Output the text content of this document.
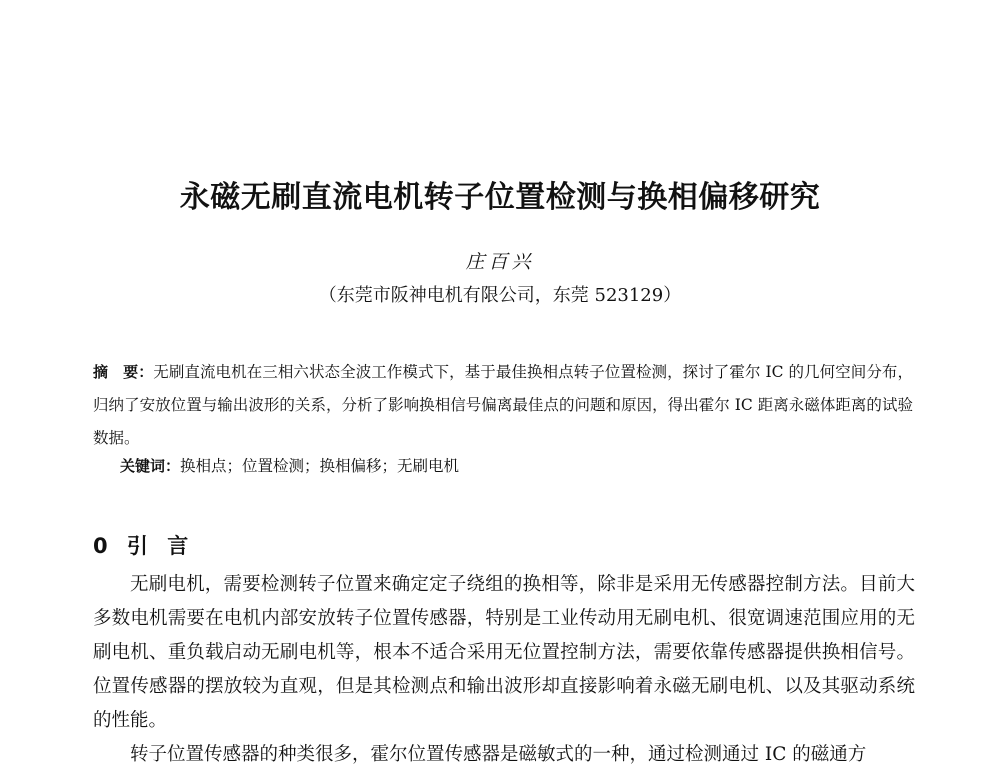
永磁无刷直流电机转子位置检测与换相偏移研究
庄百兴
（东莞市阪神电机有限公司，东莞 523129）
摘　要：无刷直流电机在三相六状态全波工作模式下，基于最佳换相点转子位置检测，探讨了霍尔 IC 的几何空间分布，归纳了安放位置与输出波形的关系，分析了影响换相信号偏离最佳点的问题和原因，得出霍尔 IC 距离永磁体距离的试验数据。
关键词：换相点；位置检测；换相偏移；无刷电机
0 引 言

无刷电机，需要检测转子位置来确定定子绕组的换相等，除非是采用无传感器控制方法。目前大多数电机需要在电机内部安放转子位置传感器，特别是工业传动用无刷电机、很宽调速范围应用的无刷电机、重负载启动无刷电机等，根本不适合采用无位置控制方法，需要依靠传感器提供换相信号。位置传感器的摆放较为直观，但是其检测点和输出波形却直接影响着永磁无刷电机、以及其驱动系统的性能。

转子位置传感器的种类很多，霍尔位置传感器是磁敏式的一种，通过检测通过 IC 的磁通方
